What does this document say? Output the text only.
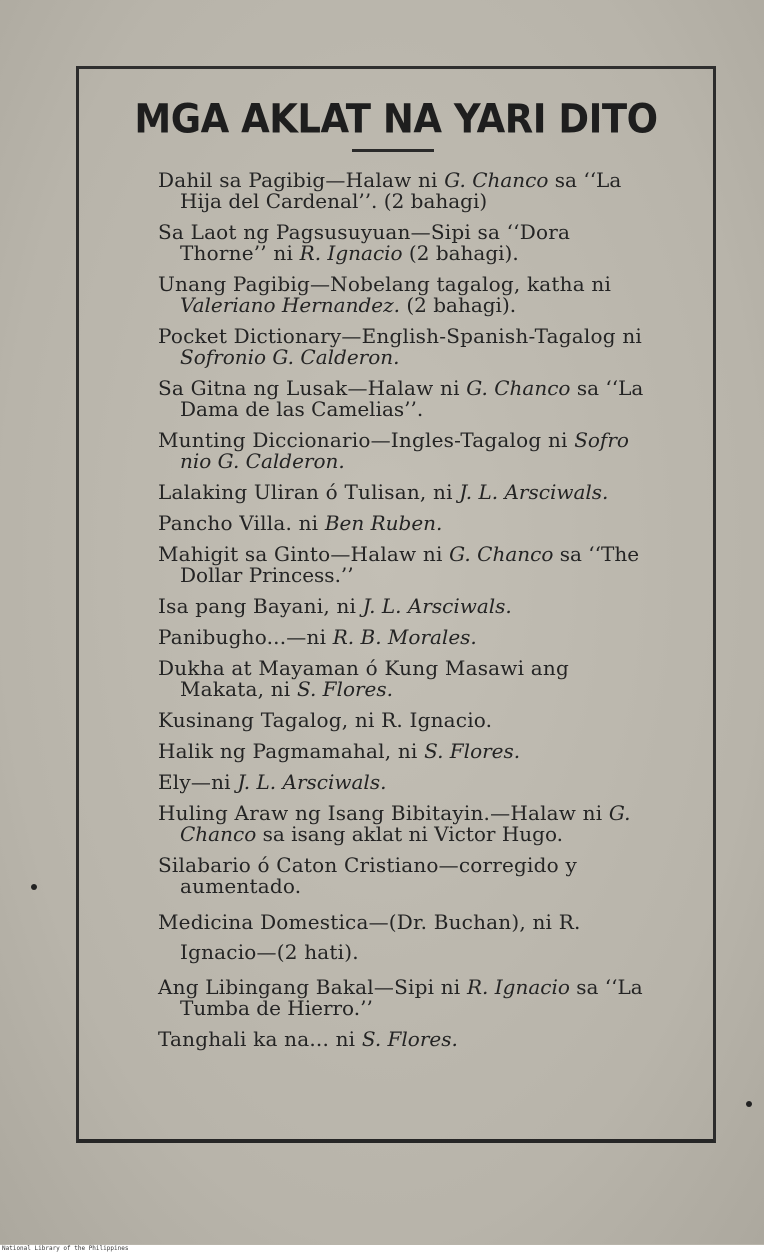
MGA AKLAT NA YARI DITO
Dahil sa Pagibig—Halaw ni G. Chanco sa ‘‘La Hija del Cardenal’’. (2 bahagi)
Sa Laot ng Pagsusuyuan—Sipi sa ‘‘Dora Thorne’’ ni R. Ignacio (2 bahagi).
Unang Pagibig—Nobelang tagalog, katha ni Valeriano Hernandez. (2 bahagi).
Pocket Dictionary—English-Spanish-Tagalog ni Sofronio G. Calderon.
Sa Gitna ng Lusak—Halaw ni G. Chanco sa ‘‘La Dama de las Camelias’’.
Munting Diccionario—Ingles-Tagalog ni Sofro nio G. Calderon.
Lalaking Uliran ó Tulisan, ni J. L. Arsciwals.
Pancho Villa. ni Ben Ruben.
Mahigit sa Ginto—Halaw ni G. Chanco sa ‘‘The Dollar Princess.’’
Isa pang Bayani, ni J. L. Arsciwals.
Panibugho...—ni R. B. Morales.
Dukha at Mayaman ó Kung Masawi ang Makata, ni S. Flores.
Kusinang Tagalog, ni R. Ignacio.
Halik ng Pagmamahal, ni S. Flores.
Ely—ni J. L. Arsciwals.
Huling Araw ng Isang Bibitayin.—Halaw ni G. Chanco sa isang aklat ni Victor Hugo.
Silabario ó Caton Cristiano—corregido y aumentado.
Medicina Domestica—(Dr. Buchan), ni R. Ignacio—(2 hati).
Ang Libingang Bakal—Sipi ni R. Ignacio sa ‘‘La Tumba de Hierro.’’
Tanghali ka na... ni S. Flores.
National Library of the Philippines
